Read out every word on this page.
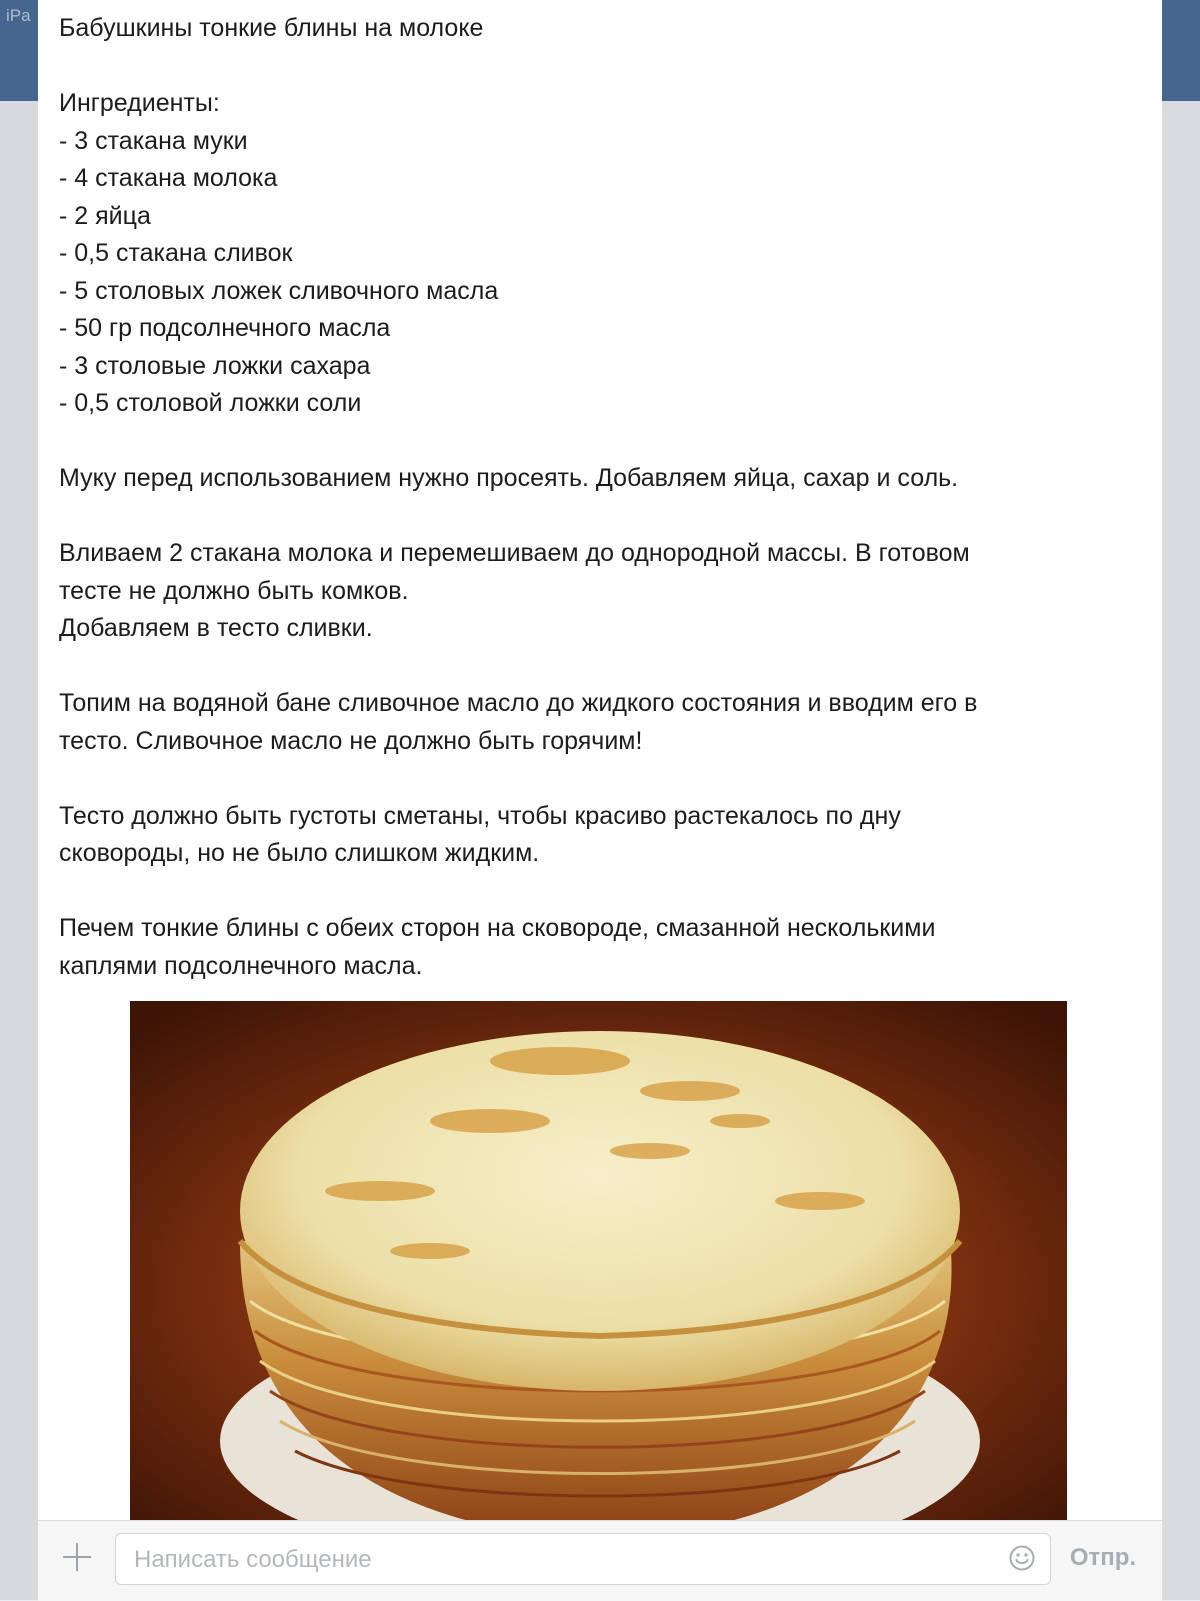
iPa Бабушкины тонкие блины на молоке

Ингредиенты:

- 3 стакана муки

- 4 стакана молока

- 2 яйца

- 0,5 стакана сливок

- 5 столовых ложек сливочного масла

- 50 гр подсолнечного масла

- 3 столовые ложки сахара

- 0,5 столовой ложки соли

Муку перед использованием нужно просеять. Добавляем яйца, сахар и соль.

Вливаем 2 стакана молока и перемешиваем до однородной массы. В готовом

тесте не должно быть комков.

Добавляем в тесто сливки.

Топим на водяной бане сливочное масло до жидкого состояния и вводим его в

тесто. Сливочное масло не должно быть горячим!

Тесто должно быть густоты сметаны, чтобы красиво растекалось по дну

сковороды, но не было слишком жидким.

Печем тонкие блины с обеих сторон на сковороде, смазанной несколькими

каплями подсолнечного масла.

Написать сообщение
Отпр.
